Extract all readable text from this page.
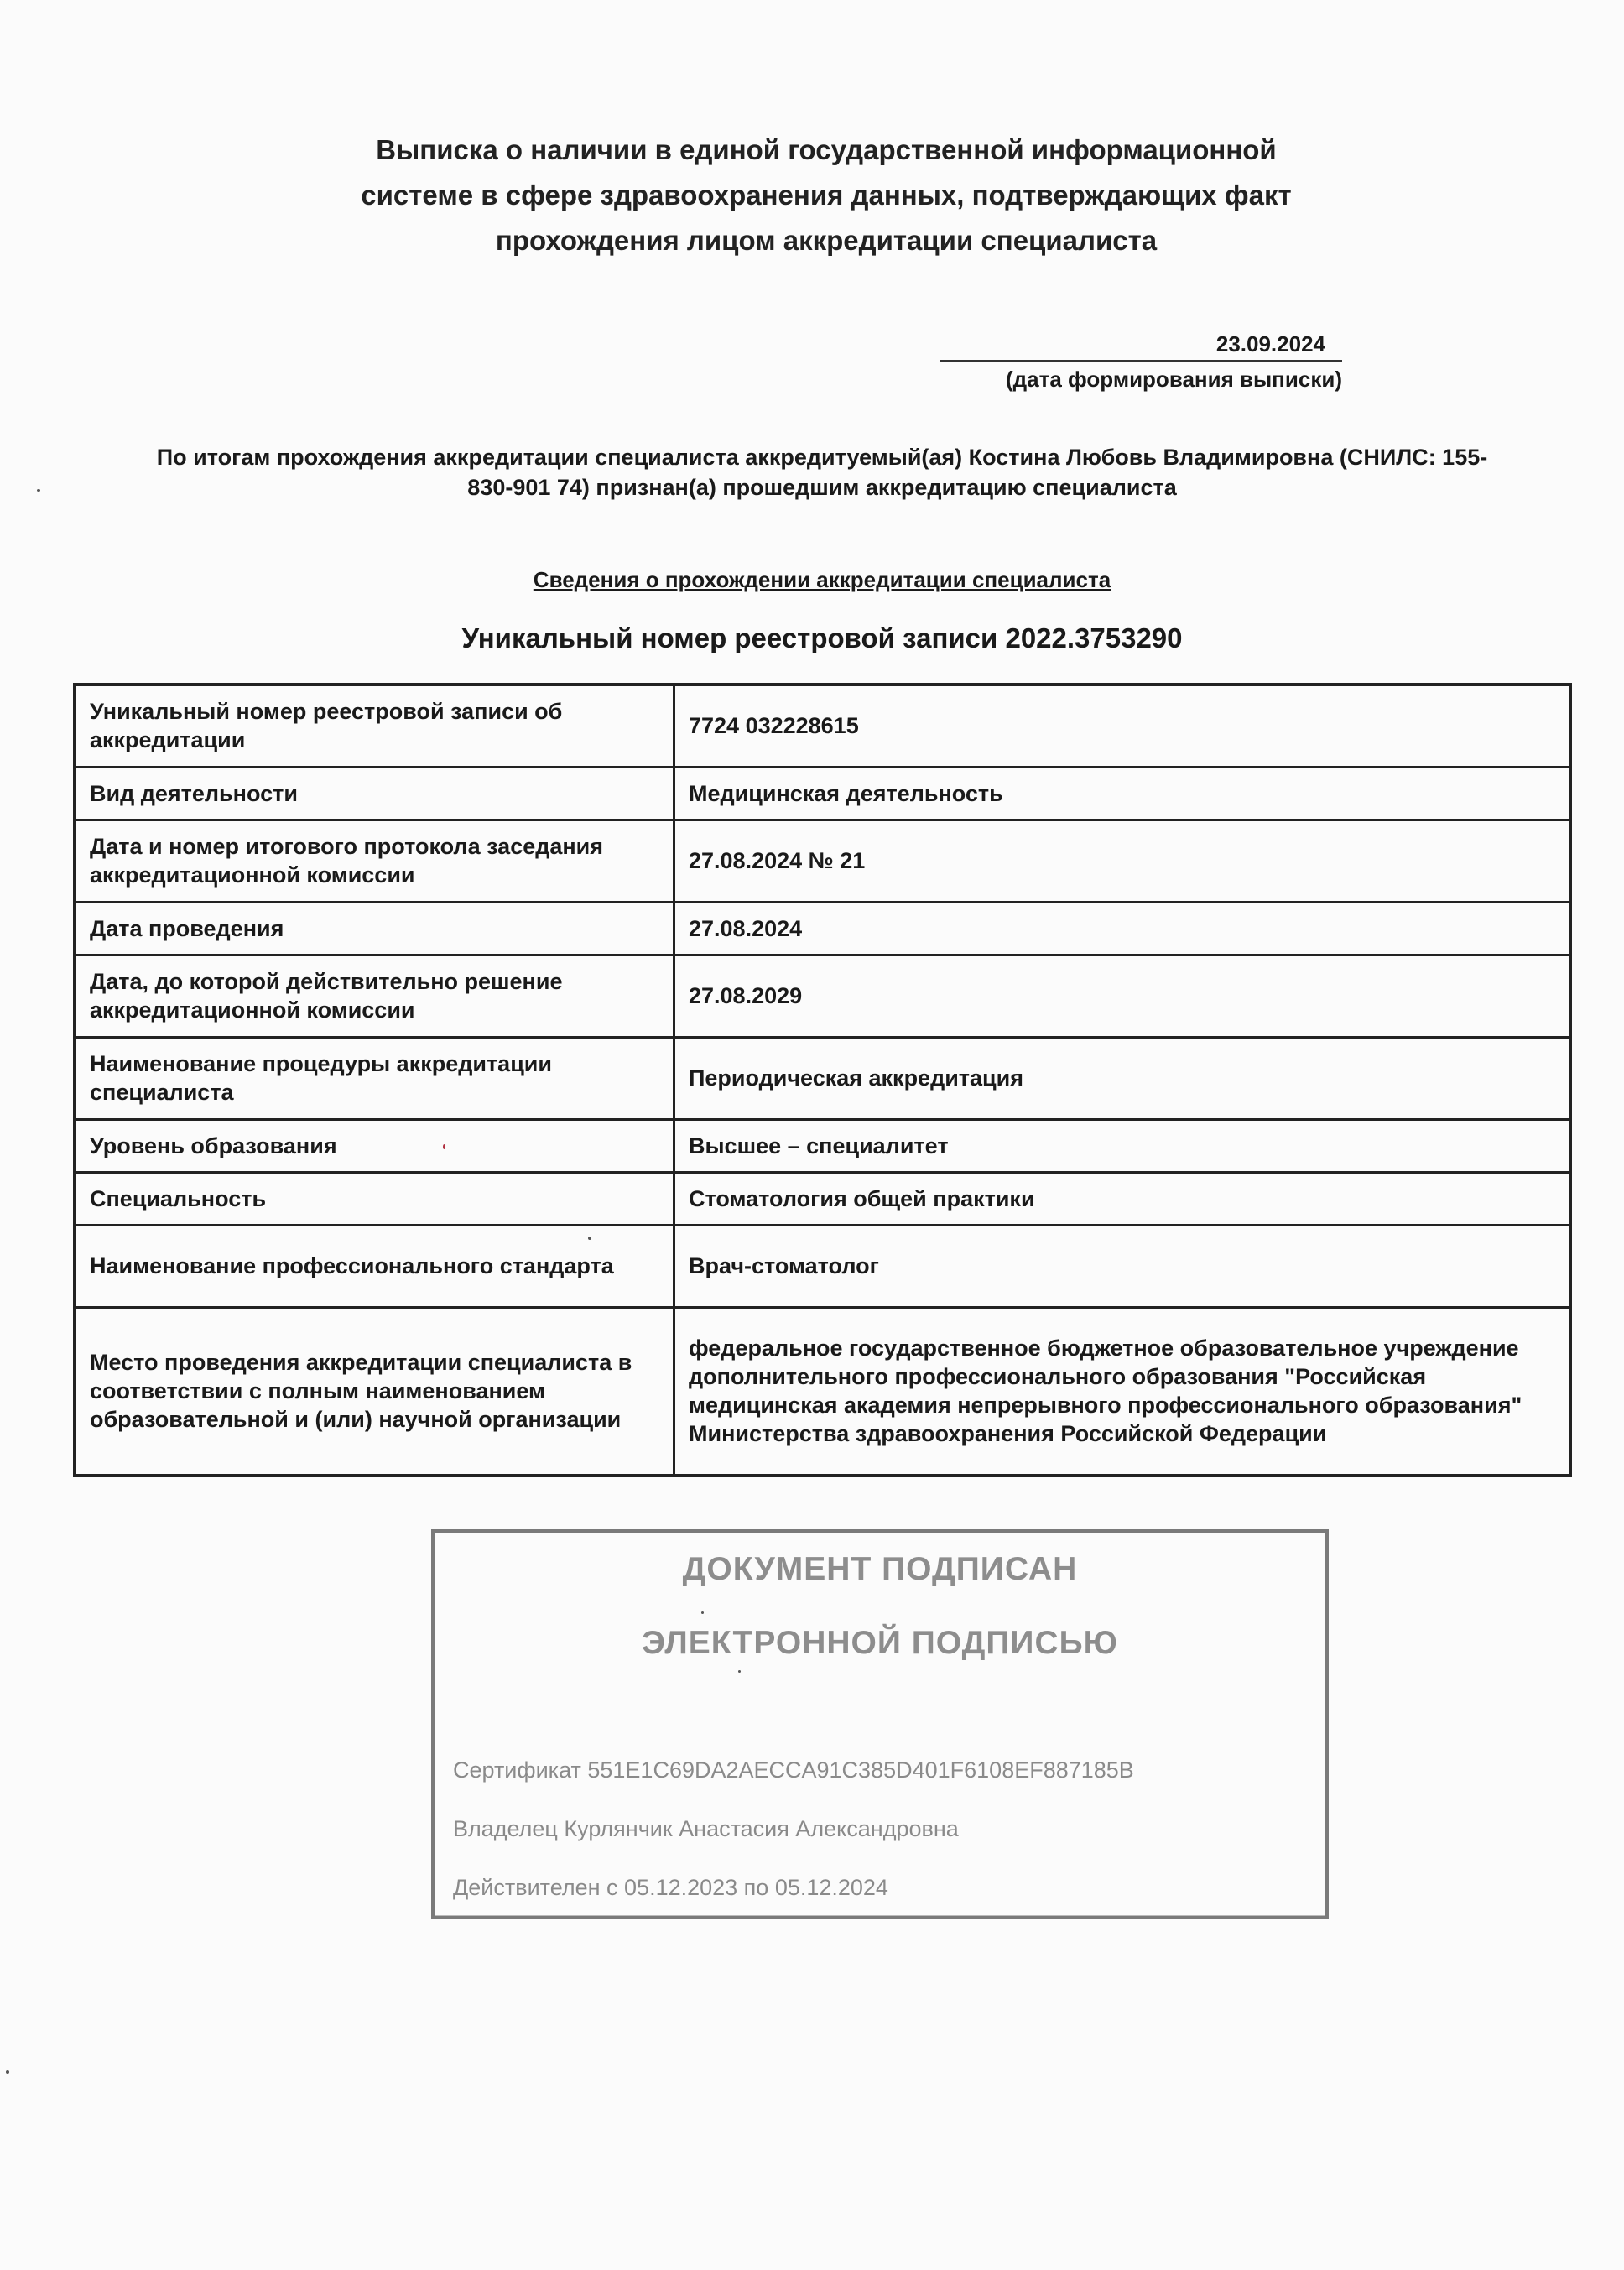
Выписка о наличии в единой государственной информационной
системе в сфере здравоохранения данных, подтверждающих факт
прохождения лицом аккредитации специалиста
23.09.2024
(дата формирования выписки)
По итогам прохождения аккредитации специалиста аккредитуемый(ая) Костина Любовь Владимировна (СНИЛС: 155-
830-901 74) признан(а) прошедшим аккредитацию специалиста
Сведения о прохождении аккредитации специалиста
Уникальный номер реестровой записи 2022.3753290
Уникальный номер реестровой записи об аккредитации	7724 032228615
Вид деятельности	Медицинская деятельность
Дата и номер итогового протокола заседания аккредитационной комиссии	27.08.2024 № 21
Дата проведения	27.08.2024
Дата, до которой действительно решение аккредитационной комиссии	27.08.2029
Наименование процедуры аккредитации специалиста	Периодическая аккредитация
Уровень образования	Высшее – специалитет
Специальность	Стоматология общей практики
Наименование профессионального стандарта	Врач-стоматолог
Место проведения аккредитации специалиста в соответствии с полным наименованием образовательной и (или) научной организации	федеральное государственное бюджетное образовательное учреждение дополнительного профессионального образования "Российская медицинская академия непрерывного профессионального образования" Министерства здравоохранения Российской Федерации
ДОКУМЕНТ ПОДПИСАН
ЭЛЕКТРОННОЙ ПОДПИСЬЮ
Сертификат 551E1C69DA2AECCA91C385D401F6108EF887185B
Владелец Курлянчик Анастасия Александровна
Действителен с 05.12.2023 по 05.12.2024
